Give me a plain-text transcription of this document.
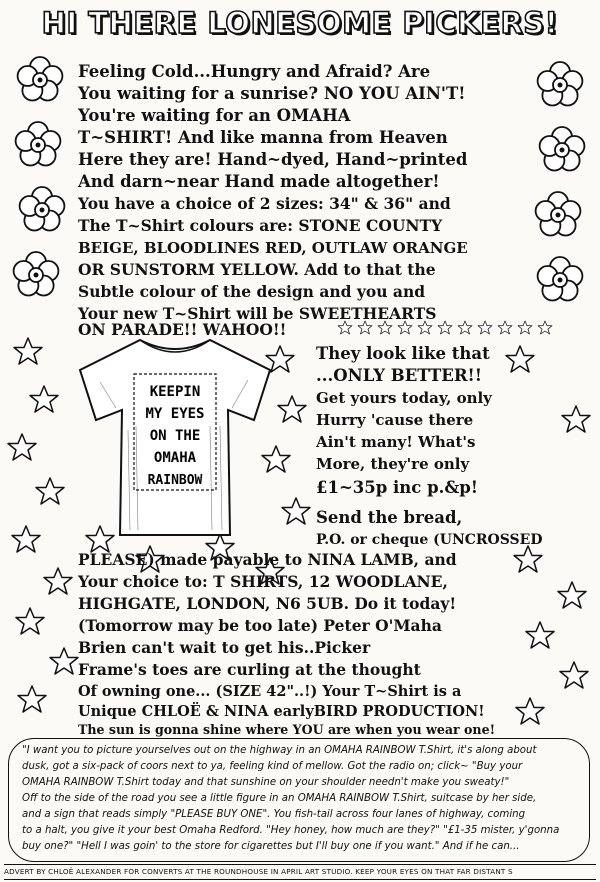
HI THERE LONESOME PICKERS!
KEEPIN
MY EYES
ON THE
OMAHA
RAINBOW
Feeling Cold...Hungry and Afraid? Are
You waiting for a sunrise? NO YOU AIN'T!
You're waiting for an OMAHA
T~SHIRT! And like manna from Heaven
Here they are! Hand~dyed, Hand~printed
And darn~near Hand made altogether!
You have a choice of 2 sizes: 34" & 36" and
The T~Shirt colours are: STONE COUNTY
BEIGE, BLOODLINES RED, OUTLAW ORANGE
OR SUNSTORM YELLOW. Add to that the
Subtle colour of the design and you and
Your new T~Shirt will be SWEETHEARTS
ON PARADE!! WAHOO!!
They look like that
...ONLY BETTER!!
Get yours today, only
Hurry 'cause there
Ain't many! What's
More, they're only
£1~35p inc p.&p!
Send the bread,
P.O. or cheque (UNCROSSED
PLEASE) made payable to NINA LAMB, and
Your choice to: T SHIRTS, 12 WOODLANE,
HIGHGATE, LONDON, N6 5UB. Do it today!
(Tomorrow may be too late) Peter O'Maha
Brien can't wait to get his..Picker
Frame's toes are curling at the thought
Of owning one... (SIZE 42"..!) Your T~Shirt is a
Unique CHLOË & NINA earlyBIRD PRODUCTION!
The sun is gonna shine where YOU are when you wear one!
"I want you to picture yourselves out on the highway in an OMAHA RAINBOW T.Shirt, it's along about
dusk, got a six-pack of coors next to ya, feeling kind of mellow. Got the radio on; click~ "Buy your
OMAHA RAINBOW T.Shirt today and that sunshine on your shoulder needn't make you sweaty!"
Off to the side of the road you see a little figure in an OMAHA RAINBOW T.Shirt, suitcase by her side,
and a sign that reads simply "PLEASE BUY ONE". You fish-tail across four lanes of highway, coming
to a halt, you give it your best Omaha Redford. "Hey honey, how much are they?" "£1-35 mister, y'gonna
buy one?" "Hell I was goin' to the store for cigarettes but I'll buy one if you want." And if he can...
ADVERT BY CHLOË ALEXANDER FOR CONVERTS AT THE ROUNDHOUSE IN APRIL ART STUDIO. KEEP YOUR EYES ON THAT FAR DISTANT S
